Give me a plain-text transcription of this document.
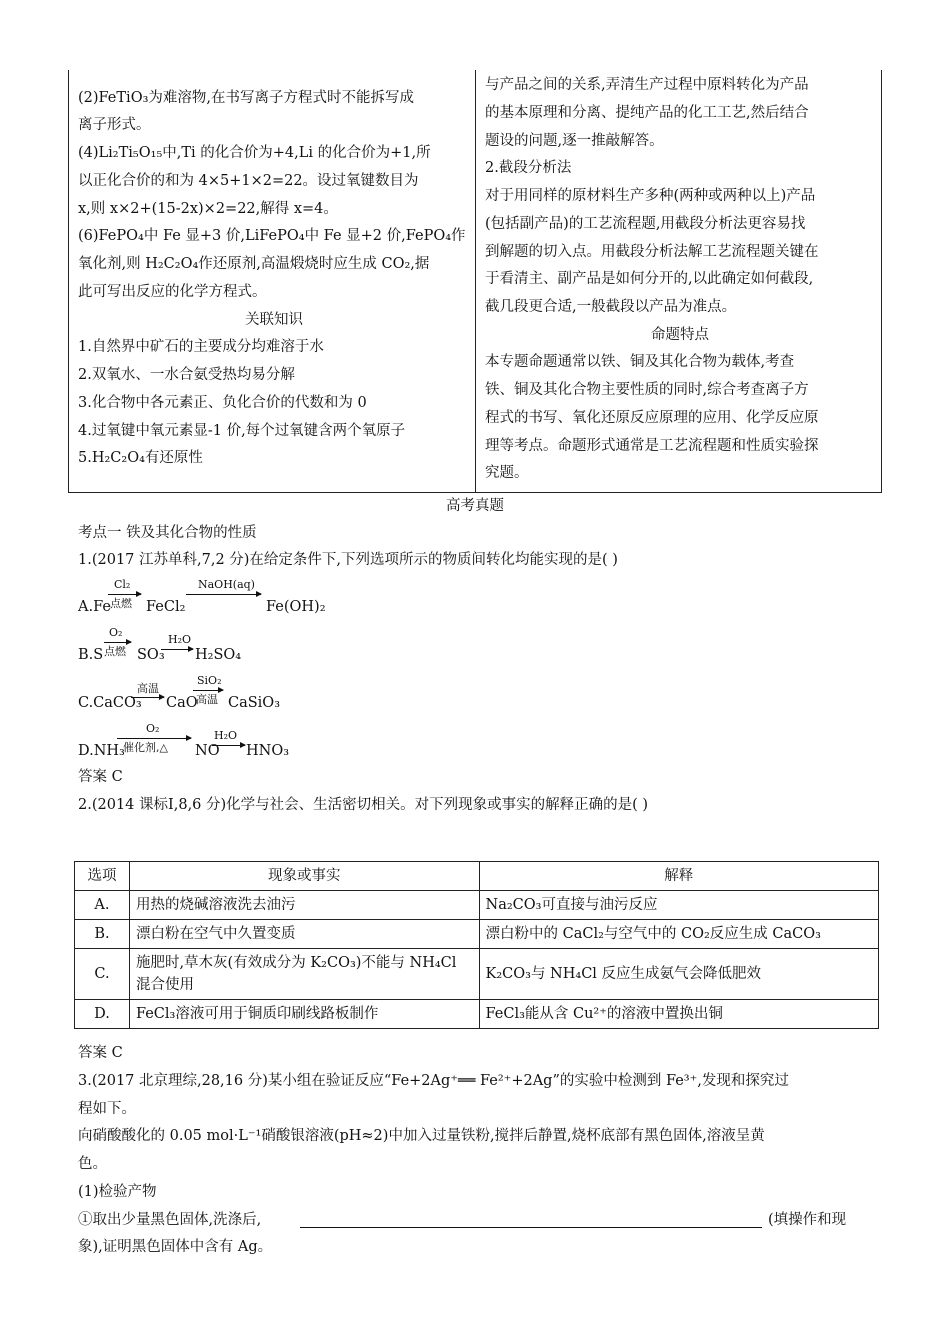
(2)FeTiO₃为难溶物,在书写离子方程式时不能拆写成
离子形式。
(4)Li₂Ti₅O₁₅中,Ti 的化合价为+4,Li 的化合价为+1,所
以正化合价的和为 4×5+1×2=22。设过氧键数目为
x,则 x×2+(15-2x)×2=22,解得 x=4。
(6)FePO₄中 Fe 显+3 价,LiFePO₄中 Fe 显+2 价,FePO₄作
氧化剂,则 H₂C₂O₄作还原剂,高温煅烧时应生成 CO₂,据
此可写出反应的化学方程式。
关联知识
1.自然界中矿石的主要成分均难溶于水
2.双氧水、一水合氨受热均易分解
3.化合物中各元素正、负化合价的代数和为 0
4.过氧键中氧元素显-1 价,每个过氧键含两个氧原子
5.H₂C₂O₄有还原性
与产品之间的关系,弄清生产过程中原料转化为产品
的基本原理和分离、提纯产品的化工工艺,然后结合
题设的问题,逐一推敲解答。
2.截段分析法
对于用同样的原材料生产多种(两种或两种以上)产品
(包括副产品)的工艺流程题,用截段分析法更容易找
到解题的切入点。用截段分析法解工艺流程题关键在
于看清主、副产品是如何分开的,以此确定如何截段,
截几段更合适,一般截段以产品为准点。
命题特点
本专题命题通常以铁、铜及其化合物为载体,考查
铁、铜及其化合物主要性质的同时,综合考查离子方
程式的书写、氧化还原反应原理的应用、化学反应原
理等考点。命题形式通常是工艺流程题和性质实验探
究题。
高考真题
考点一 铁及其化合物的性质
1.(2017 江苏单科,7,2 分)在给定条件下,下列选项所示的物质间转化均能实现的是( )
A.Fe
Cl₂
点燃 FeCl₂
NaOH(aq)
Fe(OH)₂
B.S
O₂
点燃 SO₃
H₂O
→ H₂SO₄
C.CaCO₃
高温
→ CaO
SiO₂
高温 CaSiO₃
D.NH₃
O₂
催化剂,△ NO
H₂O
→ HNO₃
答案 C
2.(2014 课标Ⅰ,8,6 分)化学与社会、生活密切相关。对下列现象或事实的解释正确的是( )
选项	现象或事实	解释
A.	用热的烧碱溶液洗去油污	Na₂CO₃可直接与油污反应
B.	漂白粉在空气中久置变质	漂白粉中的 CaCl₂与空气中的 CO₂反应生成 CaCO₃
C.	施肥时,草木灰(有效成分为 K₂CO₃)不能与 NH₄Cl 混合使用	K₂CO₃与 NH₄Cl 反应生成氨气会降低肥效
D.	FeCl₃溶液可用于铜质印刷线路板制作	FeCl₃能从含 Cu²⁺的溶液中置换出铜
答案 C
3.(2017 北京理综,28,16 分)某小组在验证反应“Fe+2Ag⁺══ Fe²⁺+2Ag”的实验中检测到 Fe³⁺,发现和探究过
程如下。
向硝酸酸化的 0.05 mol·L⁻¹硝酸银溶液(pH≈2)中加入过量铁粉,搅拌后静置,烧杯底部有黑色固体,溶液呈黄
色。
(1)检验产物
①取出少量黑色固体,洗涤后,	(填操作和现
象),证明黑色固体中含有 Ag。
